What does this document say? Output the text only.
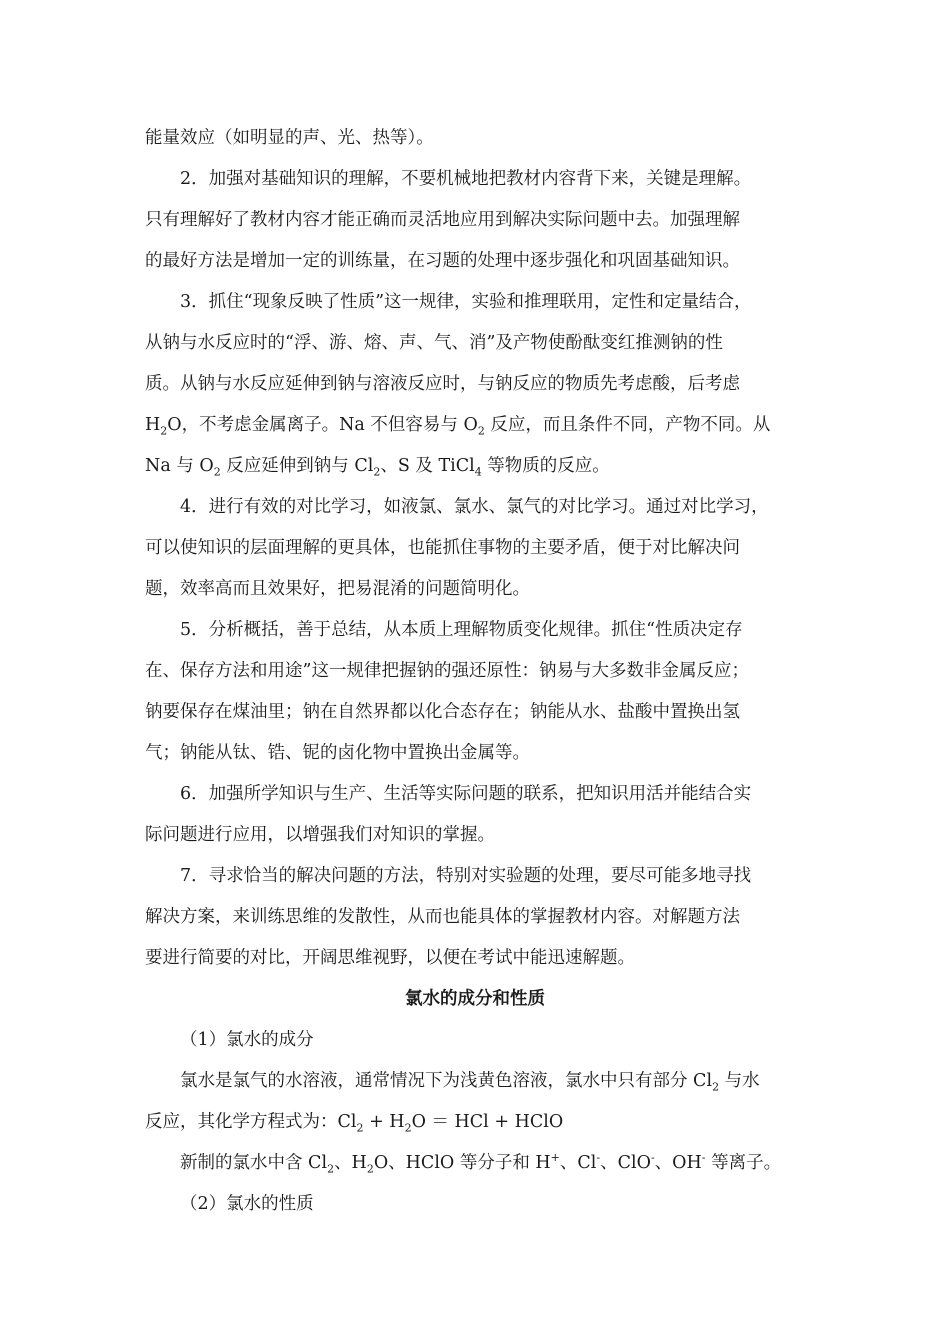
能量效应（如明显的声、光、热等）。
2．加强对基础知识的理解，不要机械地把教材内容背下来，关键是理解。
只有理解好了教材内容才能正确而灵活地应用到解决实际问题中去。加强理解
的最好方法是增加一定的训练量，在习题的处理中逐步强化和巩固基础知识。
3．抓住“现象反映了性质”这一规律，实验和推理联用，定性和定量结合，
从钠与水反应时的“浮、游、熔、声、气、消”及产物使酚酞变红推测钠的性
质。从钠与水反应延伸到钠与溶液反应时，与钠反应的物质先考虑酸，后考虑
$H_2O$，不考虑金属离子。Na 不但容易与 $O_2$ 反应，而且条件不同，产物不同。从
Na 与 $O_2$ 反应延伸到钠与 $Cl_2$、S 及 TiCl$_4$ 等物质的反应。
4．进行有效的对比学习，如液氯、氯水、氯气的对比学习。通过对比学习，
可以使知识的层面理解的更具体，也能抓住事物的主要矛盾，便于对比解决问
题，效率高而且效果好，把易混淆的问题简明化。
5．分析概括，善于总结，从本质上理解物质变化规律。抓住“性质决定存
在、保存方法和用途”这一规律把握钠的强还原性：钠易与大多数非金属反应；
钠要保存在煤油里；钠在自然界都以化合态存在；钠能从水、盐酸中置换出氢
气；钠能从钛、锆、铌的卤化物中置换出金属等。
6．加强所学知识与生产、生活等实际问题的联系，把知识用活并能结合实
际问题进行应用，以增强我们对知识的掌握。
7．寻求恰当的解决问题的方法，特别对实验题的处理，要尽可能多地寻找
解决方案，来训练思维的发散性，从而也能具体的掌握教材内容。对解题方法
要进行简要的对比，开阔思维视野，以便在考试中能迅速解题。
氯水的成分和性质
（1）氯水的成分
氯水是氯气的水溶液，通常情况下为浅黄色溶液，氯水中只有部分 $Cl_2$ 与水
反应，其化学方程式为：$Cl_2 + H_2O$ ＝ HCl + HClO
新制的氯水中含 $Cl_2$、$H_2O$、HClO 等分子和 H+、Cl-、ClO-、OH- 等离子。
（2）氯水的性质
